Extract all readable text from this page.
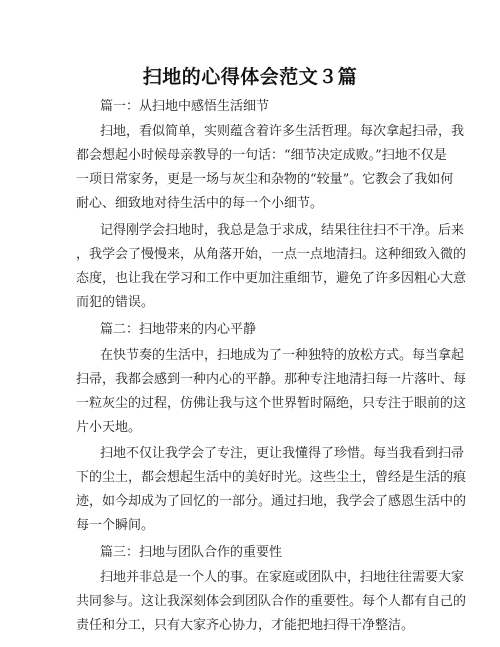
扫地的心得体会范文３篇
篇一：从扫地中感悟生活细节
扫地，看似简单，实则蕴含着许多生活哲理。每次拿起扫帚，我
都会想起小时候母亲教导的一句话：“细节决定成败。”扫地不仅是
一项日常家务，更是一场与灰尘和杂物的“较量”。它教会了我如何
耐心、细致地对待生活中的每一个小细节。
记得刚学会扫地时，我总是急于求成，结果往往扫不干净。后来
，我学会了慢慢来，从角落开始，一点一点地清扫。这种细致入微的
态度，也让我在学习和工作中更加注重细节，避免了许多因粗心大意
而犯的错误。
篇二：扫地带来的内心平静
在快节奏的生活中，扫地成为了一种独特的放松方式。每当拿起
扫帚，我都会感到一种内心的平静。那种专注地清扫每一片落叶、每
一粒灰尘的过程，仿佛让我与这个世界暂时隔绝，只专注于眼前的这
片小天地。
扫地不仅让我学会了专注，更让我懂得了珍惜。每当我看到扫帚
下的尘土，都会想起生活中的美好时光。这些尘土，曾经是生活的痕
迹，如今却成为了回忆的一部分。通过扫地，我学会了感恩生活中的
每一个瞬间。
篇三：扫地与团队合作的重要性
扫地并非总是一个人的事。在家庭或团队中，扫地往往需要大家
共同参与。这让我深刻体会到团队合作的重要性。每个人都有自己的
责任和分工，只有大家齐心协力，才能把地扫得干净整洁。
